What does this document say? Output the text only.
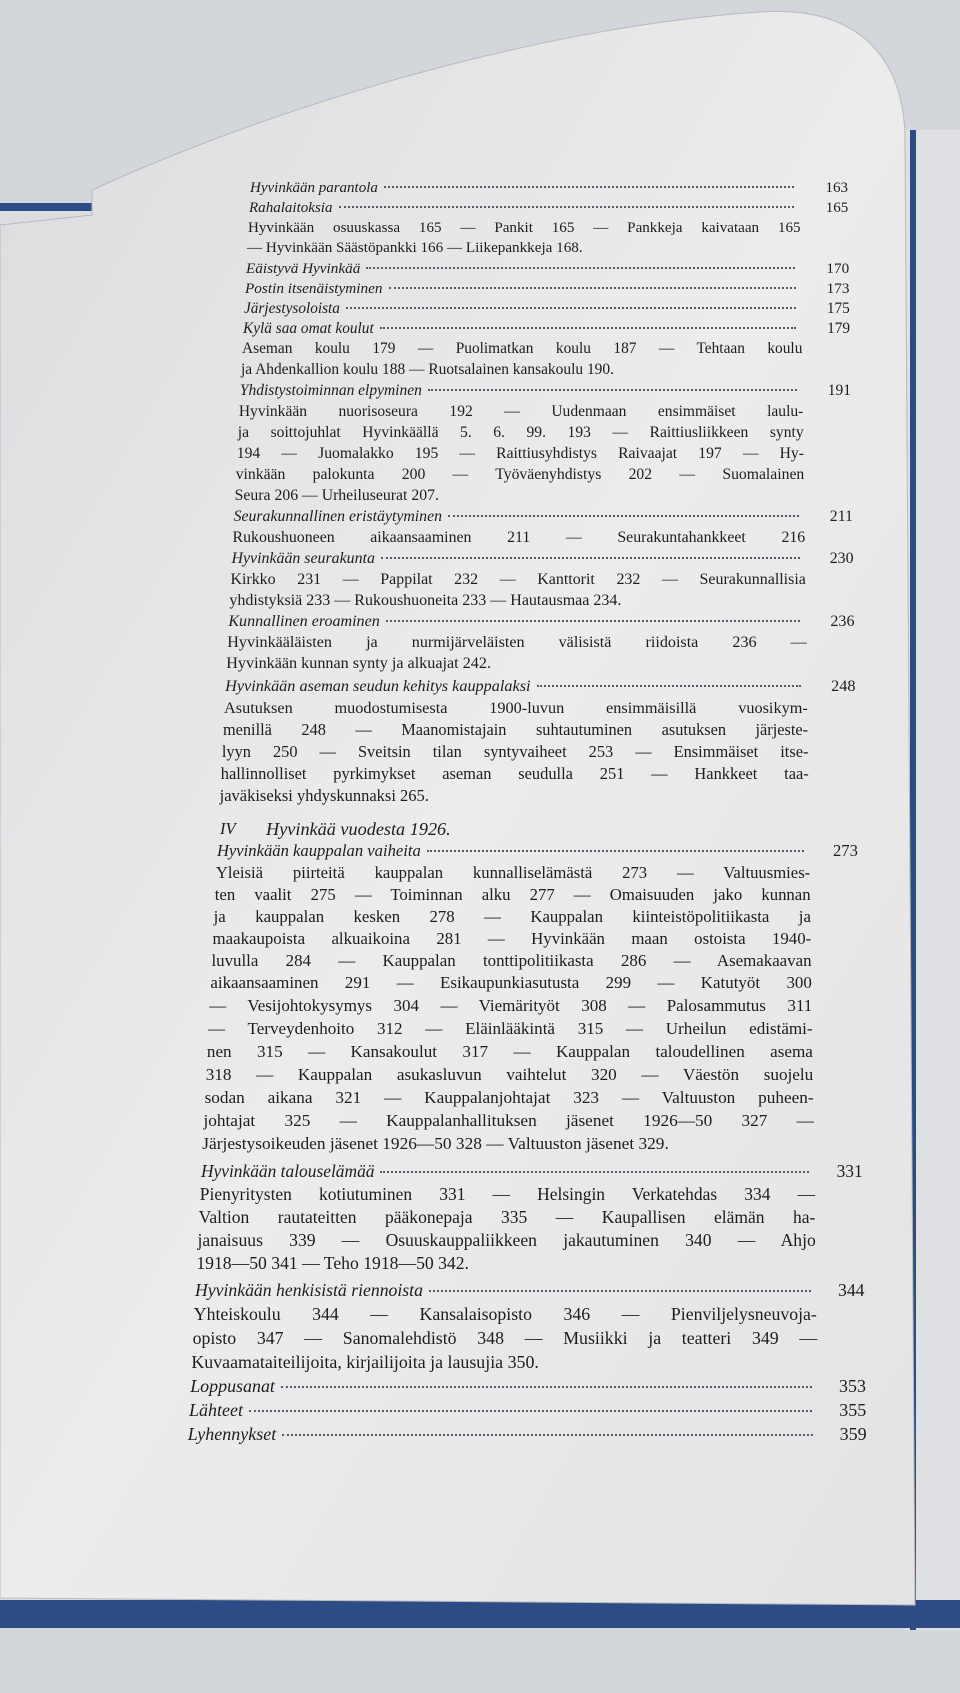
Hyvinkään parantola	163
Rahalaitoksia	165
Hyvinkään osuuskassa 165 — Pankit 165 — Pankkeja kaivataan 165
— Hyvinkään Säästöpankki 166 — Liikepankkeja 168.
Eäistyvä Hyvinkää	170
Postin itsenäistyminen	173
Järjestysoloista	175
Kylä saa omat koulut	179
Aseman koulu 179 — Puolimatkan koulu 187 — Tehtaan koulu
ja Ahdenkallion koulu 188 — Ruotsalainen kansakoulu 190.
Yhdistystoiminnan elpyminen	191
Hyvinkään nuorisoseura 192 — Uudenmaan ensimmäiset laulu-
ja soittojuhlat Hyvinkäällä 5. 6. 99. 193 — Raittiusliikkeen synty
194 — Juomalakko 195 — Raittiusyhdistys Raivaajat 197 — Hy-
vinkään palokunta 200 — Työväenyhdistys 202 — Suomalainen
Seura 206 — Urheiluseurat 207.
Seurakunnallinen eristäytyminen	211
Rukoushuoneen aikaansaaminen 211 — Seurakuntahankkeet 216
Hyvinkään seurakunta	230
Kirkko 231 — Pappilat 232 — Kanttorit 232 — Seurakunnallisia
yhdistyksiä 233 — Rukoushuoneita 233 — Hautausmaa 234.
Kunnallinen eroaminen	236
Hyvinkääläisten ja nurmijärveläisten välisistä riidoista 236 —
Hyvinkään kunnan synty ja alkuajat 242.
Hyvinkään aseman seudun kehitys kauppalaksi	248
Asutuksen muodostumisesta 1900-luvun ensimmäisillä vuosikym-
menillä 248 — Maanomistajain suhtautuminen asutuksen järjeste-
lyyn 250 — Sveitsin tilan syntyvaiheet 253 — Ensimmäiset itse-
hallinnolliset pyrkimykset aseman seudulla 251 — Hankkeet taa-
javäkiseksi yhdyskunnaksi 265.
IV Hyvinkää vuodesta 1926.
Hyvinkään kauppalan vaiheita	273
Yleisiä piirteitä kauppalan kunnalliselämästä 273 — Valtuusmies-
ten vaalit 275 — Toiminnan alku 277 — Omaisuuden jako kunnan
ja kauppalan kesken 278 — Kauppalan kiinteistöpolitiikasta ja
maakaupoista alkuaikoina 281 — Hyvinkään maan ostoista 1940-
luvulla 284 — Kauppalan tonttipolitiikasta 286 — Asemakaavan
aikaansaaminen 291 — Esikaupunkiasutusta 299 — Katutyöt 300
— Vesijohtokysymys 304 — Viemärityöt 308 — Palosammutus 311
— Terveydenhoito 312 — Eläinlääkintä 315 — Urheilun edistämi-
nen 315 — Kansakoulut 317 — Kauppalan taloudellinen asema
318 — Kauppalan asukasluvun vaihtelut 320 — Väestön suojelu
sodan aikana 321 — Kauppalanjohtajat 323 — Valtuuston puheen-
johtajat 325 — Kauppalanhallituksen jäsenet 1926—50 327 —
Järjestysoikeuden jäsenet 1926—50 328 — Valtuuston jäsenet 329.
Hyvinkään talouselämää	331
Pienyritysten kotiutuminen 331 — Helsingin Verkatehdas 334 —
Valtion rautateitten pääkonepaja 335 — Kaupallisen elämän ha-
janaisuus 339 — Osuuskauppaliikkeen jakautuminen 340 — Ahjo
1918—50 341 — Teho 1918—50 342.
Hyvinkään henkisistä riennoista	344
Yhteiskoulu 344 — Kansalaisopisto 346 — Pienviljelysneuvoja-
opisto 347 — Sanomalehdistö 348 — Musiikki ja teatteri 349 —
Kuvaamataiteilijoita, kirjailijoita ja lausujia 350.
Loppusanat	353
Lähteet	355
Lyhennykset	359
